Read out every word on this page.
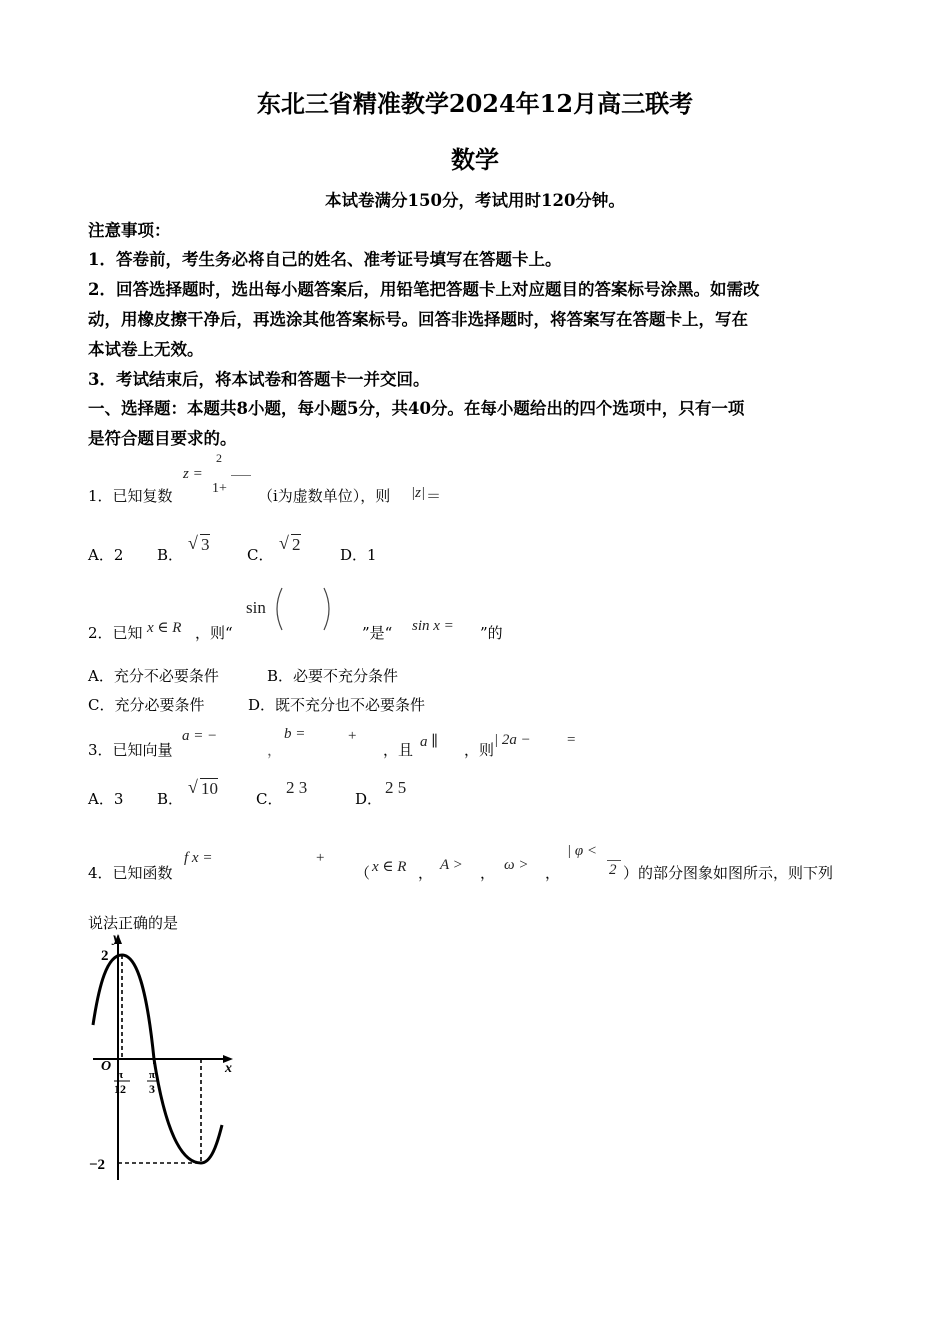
东北三省精准教学2024年12月高三联考
数学
本试卷满分150分，考试用时120分钟。
注意事项：
1．答卷前，考生务必将自己的姓名、准考证号填写在答题卡上。
2．回答选择题时，选出每小题答案后，用铅笔把答题卡上对应题目的答案标号涂黑。如需改
动，用橡皮擦干净后，再选涂其他答案标号。回答非选择题时，将答案写在答题卡上，写在
本试卷上无效。
3．考试结束后，将本试卷和答题卡一并交回。
一、选择题：本题共8小题，每小题5分，共40分。在每小题给出的四个选项中，只有一项
是符合题目要求的。
1．已知复数
z =
2
1+ （i为虚数单位），则 |z| ＝
A．2 B．
√ 3
C．
√ 2
D．1
2．已知 x ∈ R ，则“
sin
”是“ sin x = ”的
A．充分不必要条件	B．必要不充分条件
C．充分必要条件	D．既不充分也不必要条件
3．已知向量
a = −
，
b =	+
，且 a ∥ ，则
| 2a − =
A．3 B．
√ 10
C．
2 3
D．
2 5
4．已知函数
f x =	+
（ x ∈ R ， A > ， ω > ，
| φ <
2 ）的部分图象如图所示，则下列
说法正确的是
y
x
O
2
−2
π
12
π
3
